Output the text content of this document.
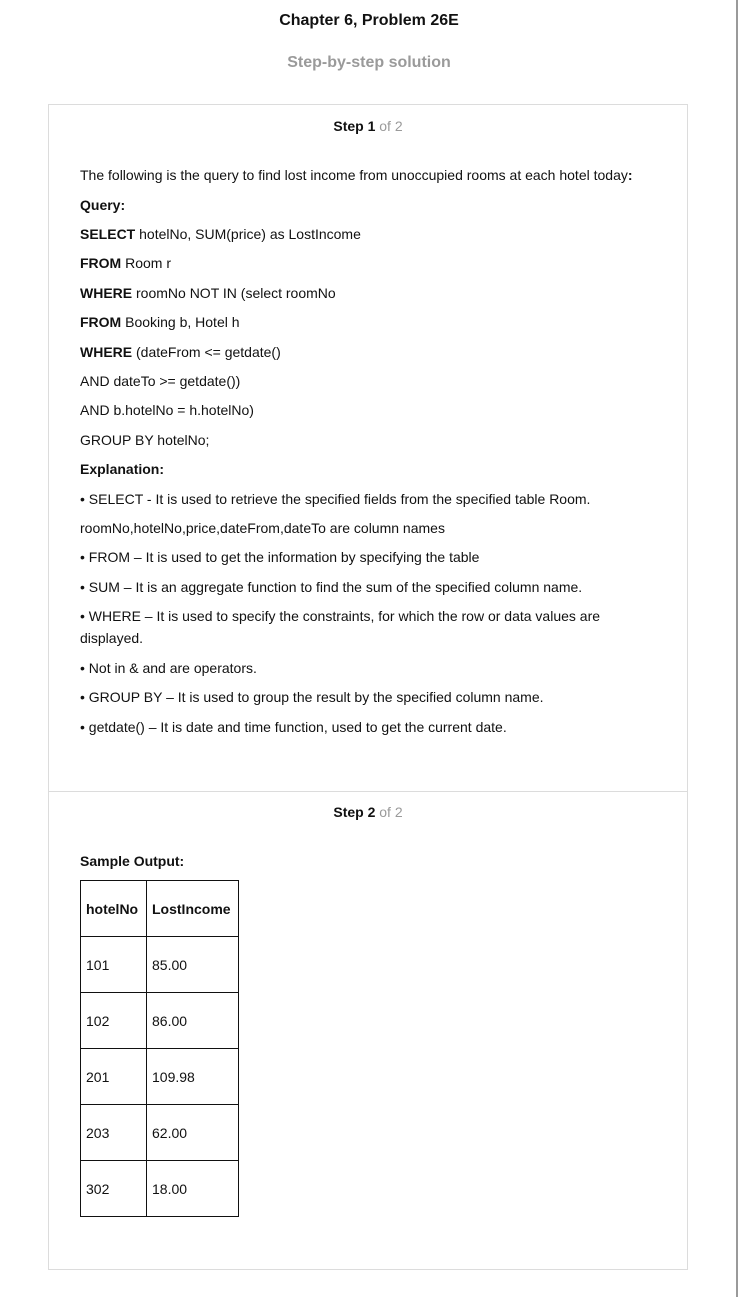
Chapter 6, Problem 26E
Step-by-step solution
Step 1 of 2
The following is the query to find lost income from unoccupied rooms at each hotel today:
Query:
SELECT hotelNo, SUM(price) as LostIncome
FROM Room r
WHERE roomNo NOT IN (select roomNo
FROM Booking b, Hotel h
WHERE (dateFrom <= getdate()
AND dateTo >= getdate())
AND b.hotelNo = h.hotelNo)
GROUP BY hotelNo;
Explanation:
• SELECT - It is used to retrieve the specified fields from the specified table Room.
roomNo,hotelNo,price,dateFrom,dateTo are column names
• FROM – It is used to get the information by specifying the table
• SUM – It is an aggregate function to find the sum of the specified column name.
• WHERE – It is used to specify the constraints, for which the row or data values are displayed.
• Not in & and are operators.
• GROUP BY – It is used to group the result by the specified column name.
• getdate() – It is date and time function, used to get the current date.
Step 2 of 2
Sample Output:
hotelNo	LostIncome
101	85.00
102	86.00
201	109.98
203	62.00
302	18.00
